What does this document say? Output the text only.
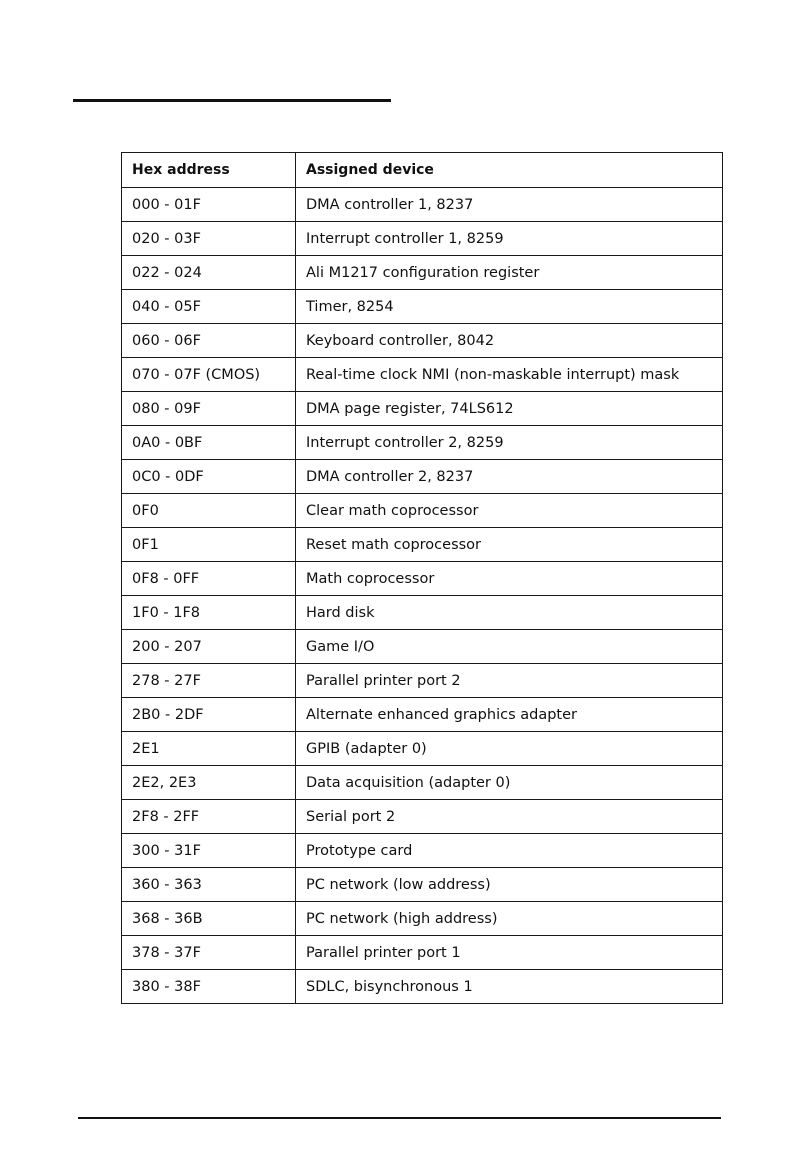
Hex address	Assigned device
000 - 01F	DMA controller 1, 8237
020 - 03F	Interrupt controller 1, 8259
022 - 024	Ali M1217 configuration register
040 - 05F	Timer, 8254
060 - 06F	Keyboard controller, 8042
070 - 07F (CMOS)	Real-time clock NMI (non-maskable interrupt) mask
080 - 09F	DMA page register, 74LS612
0A0 - 0BF	Interrupt controller 2, 8259
0C0 - 0DF	DMA controller 2, 8237
0F0	Clear math coprocessor
0F1	Reset math coprocessor
0F8 - 0FF	Math coprocessor
1F0 - 1F8	Hard disk
200 - 207	Game I/O
278 - 27F	Parallel printer port 2
2B0 - 2DF	Alternate enhanced graphics adapter
2E1	GPIB (adapter 0)
2E2, 2E3	Data acquisition (adapter 0)
2F8 - 2FF	Serial port 2
300 - 31F	Prototype card
360 - 363	PC network (low address)
368 - 36B	PC network (high address)
378 - 37F	Parallel printer port 1
380 - 38F	SDLC, bisynchronous 1
